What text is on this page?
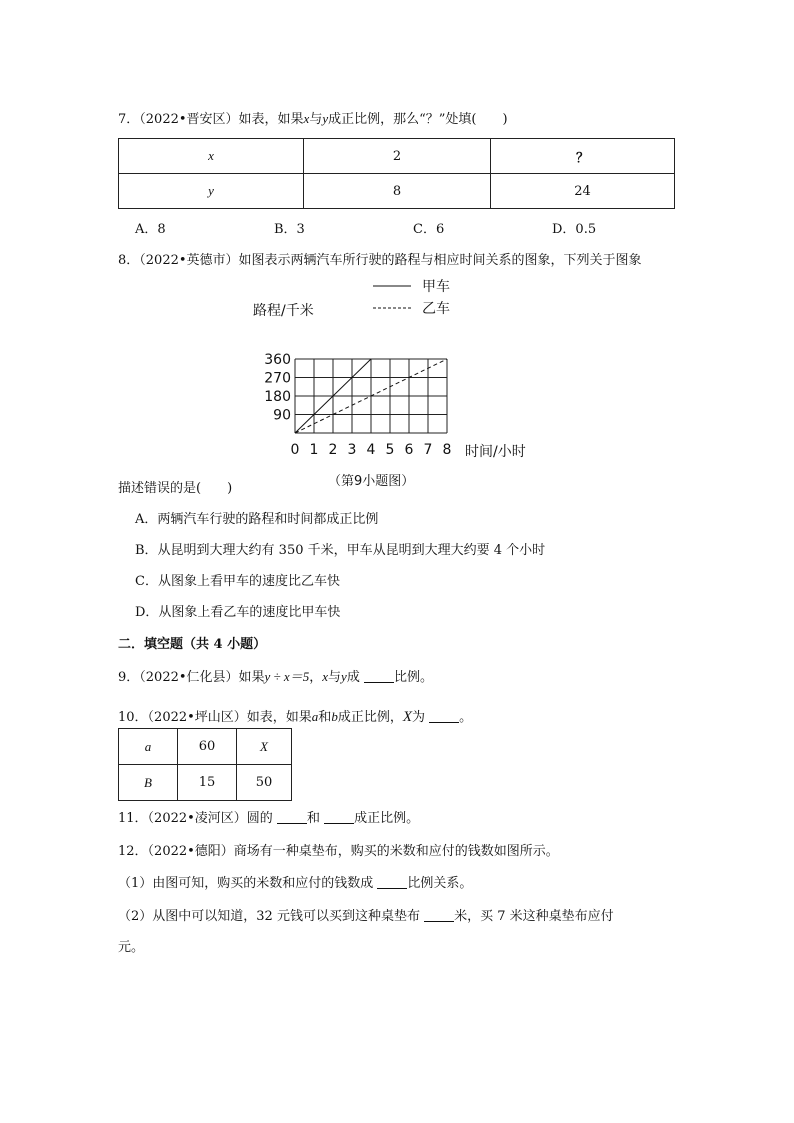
7．（2022•晋安区）如表，如果x与y成正比例，那么“？”处填(　　)
x	2	？
y	8	24
A．8	B．3	C．6	D．0.5
8．（2022•英德市）如图表示两辆汽车所行驶的路程与相应时间关系的图象，下列关于图象
0 1 2 3 4 5 6 7 8
90
180
270
360
甲车
乙车
路程/千米
时间/小时
（第9小题图）
描述错误的是(　　)
A．两辆汽车行驶的路程和时间都成正比例
B．从昆明到大理大约有 350 千米，甲车从昆明到大理大约要 4 个小时
C．从图象上看甲车的速度比乙车快
D．从图象上看乙车的速度比甲车快
二．填空题（共 4 小题）
9．（2022•仁化县）如果y ÷ x＝5，x与y成	比例。
10．（2022•坪山区）如表，如果a和b成正比例，X为	。
a	60	X
B	15	50
11．（2022•凌河区）圆的	和	成正比例。
12．（2022•德阳）商场有一种桌垫布，购买的米数和应付的钱数如图所示。
（1）由图可知，购买的米数和应付的钱数成	比例关系。
（2）从图中可以知道，32 元钱可以买到这种桌垫布	米，买 7 米这种桌垫布应付
元。
